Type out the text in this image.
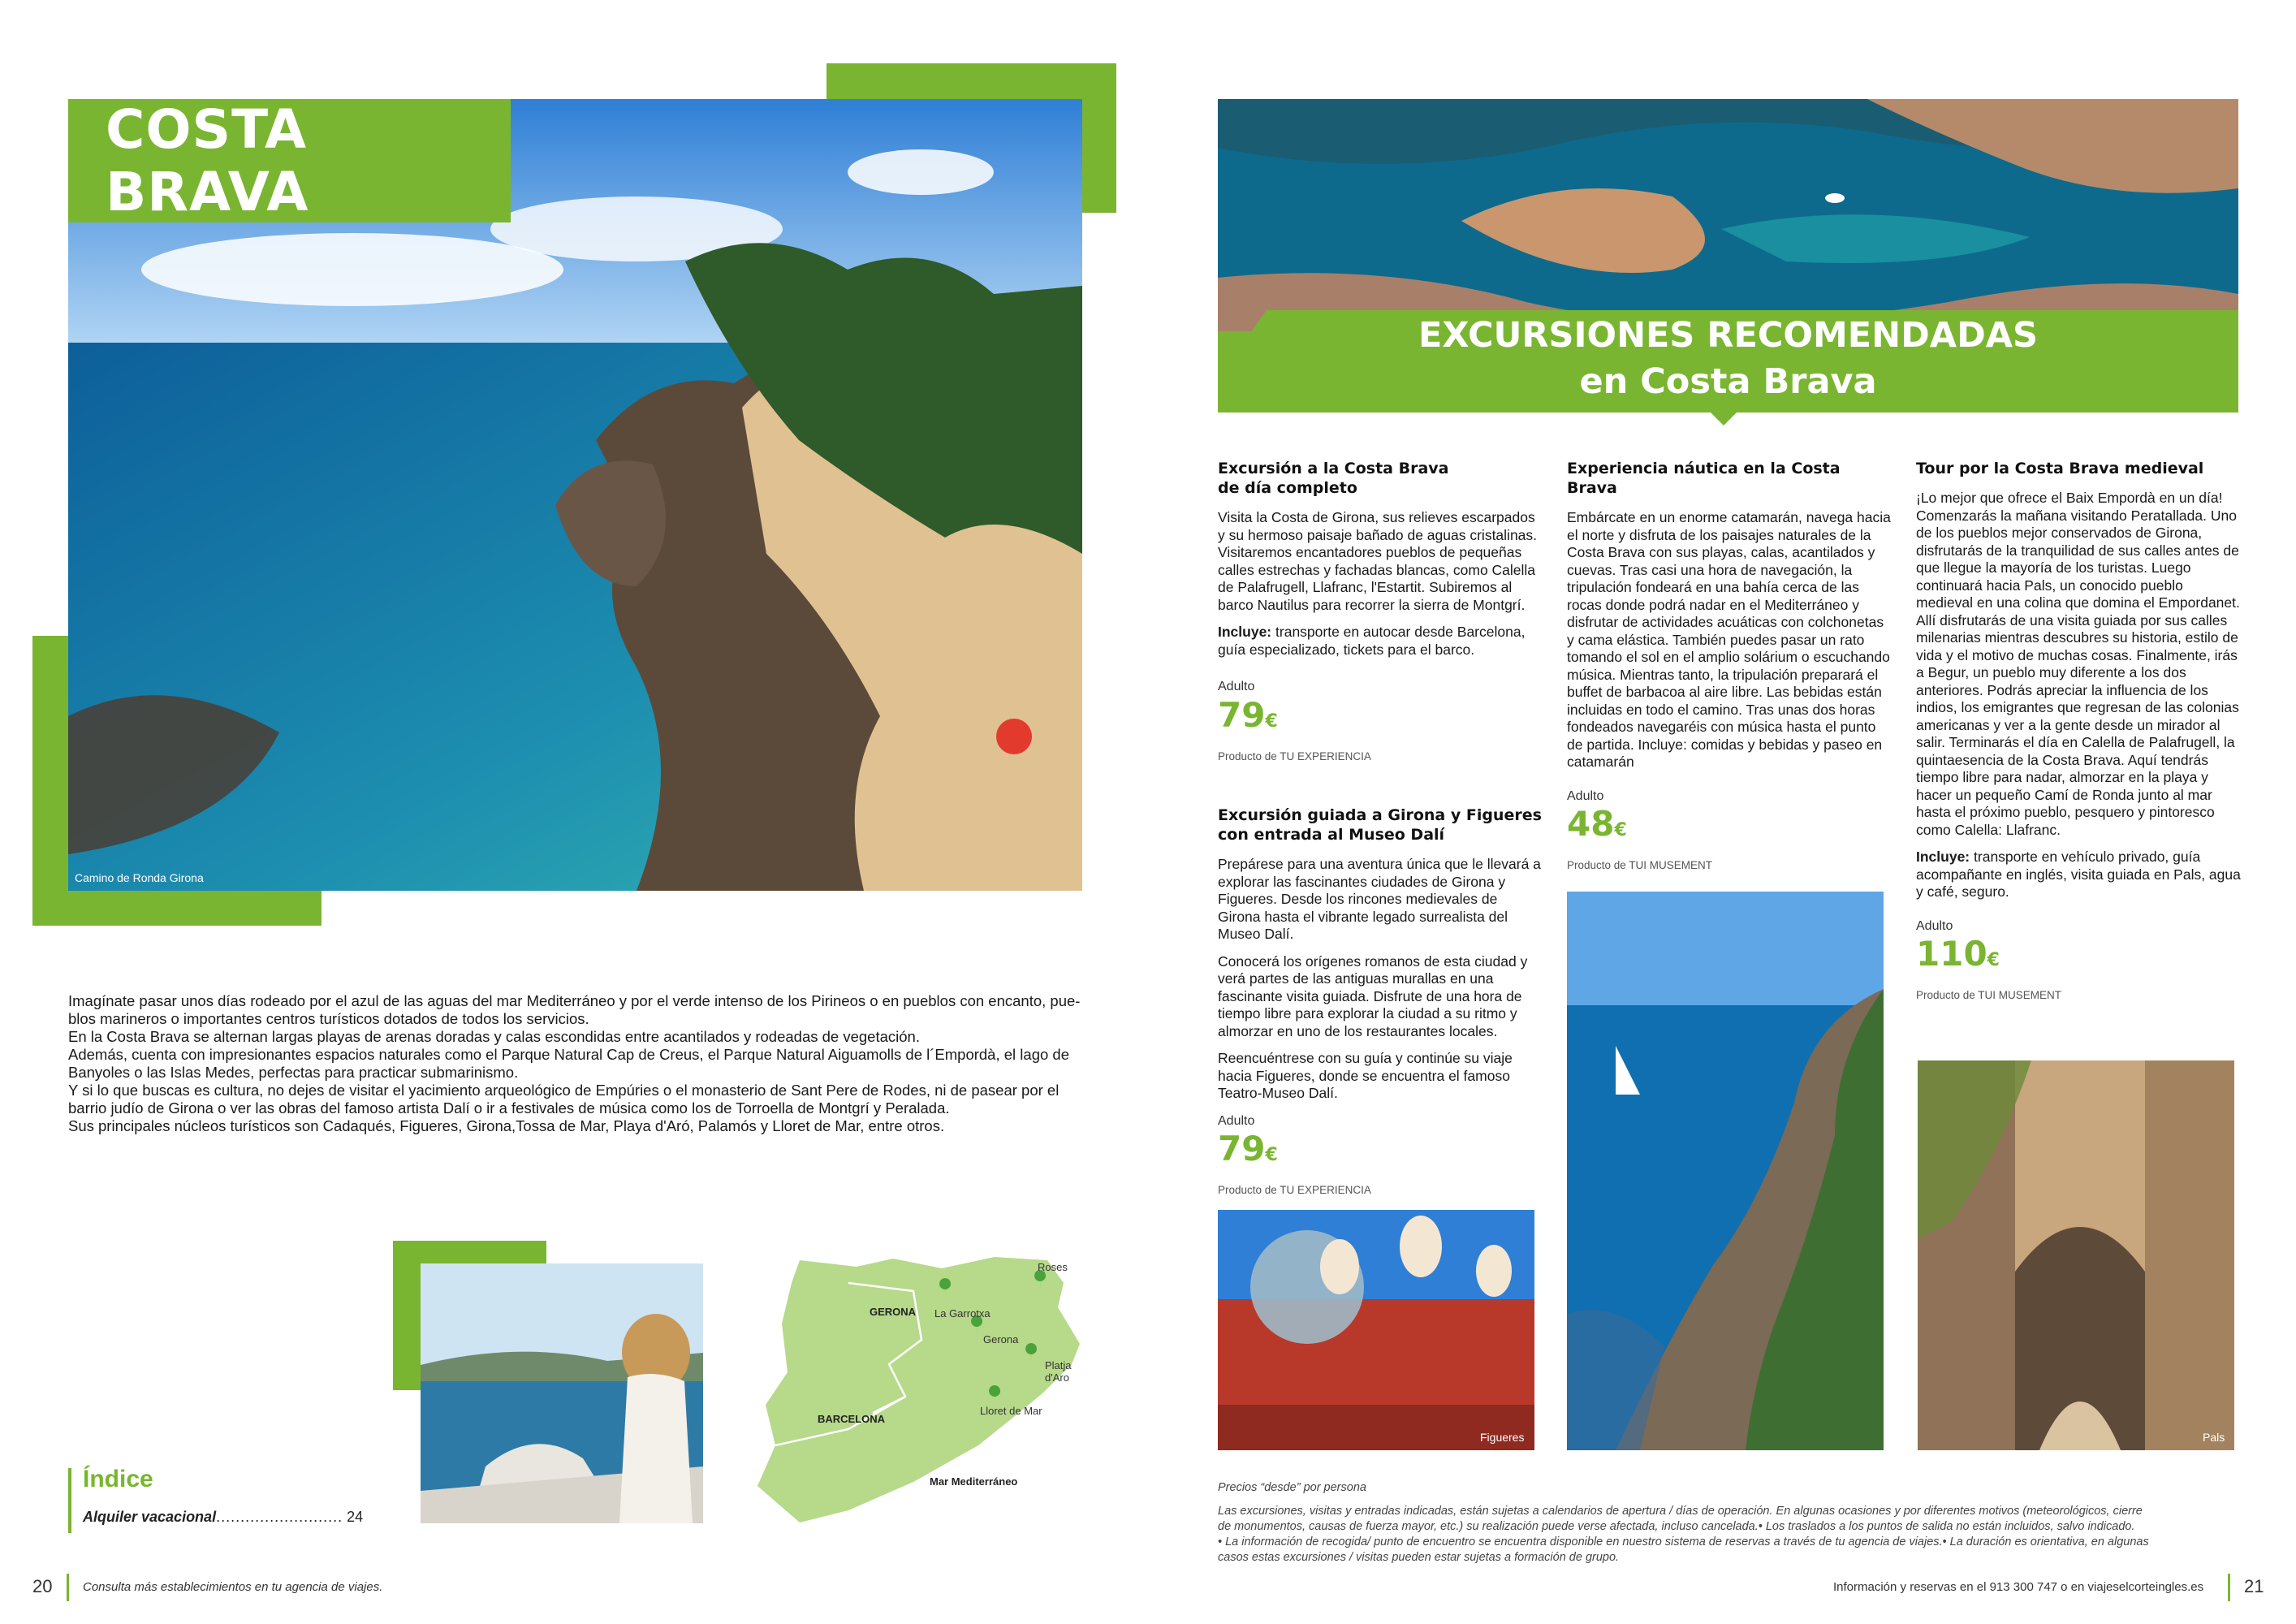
COSTA BRAVA
Camino de Ronda Girona

Imagínate pasar unos días rodeado por el azul de las aguas del mar Mediterráneo y por el verde intenso de los Pirineos o en pueblos con encanto, pue-

blos marineros o importantes centros turísticos dotados de todos los servicios.

En la Costa Brava se alternan largas playas de arenas doradas y calas escondidas entre acantilados y rodeadas de vegetación.

Además, cuenta con impresionantes espacios naturales como el Parque Natural Cap de Creus, el Parque Natural Aiguamolls de l´Empordà, el lago de

Banyoles o las Islas Medes, perfectas para practicar submarinismo.

Y si lo que buscas es cultura, no dejes de visitar el yacimiento arqueológico de Empúries o el monasterio de Sant Pere de Rodes, ni de pasear por el

barrio judío de Girona o ver las obras del famoso artista Dalí o ir a festivales de música como los de Torroella de Montgrí y Peralada.

Sus principales núcleos turísticos son Cadaqués, Figueres, Girona,Tossa de Mar, Playa d'Aró, Palamós y Lloret de Mar, entre otros.

GERONA
BARCELONA
Mar Mediterráneo
Roses
La Garrotxa
Gerona
Platja d'Aro
Lloret de Mar
Índice
Alquiler vacacional.......................... 24
20	Consulta más establecimientos en tu agencia de viajes.
EXCURSIONES RECOMENDADAS
en Costa Brava
Excursión a la Costa Brava
de día completo

Visita la Costa de Girona, sus relieves escarpados y su hermoso paisaje bañado de aguas cristalinas. Visitaremos encantadores pueblos de pequeñas calles estrechas y fachadas blancas, como Calella de Palafrugell, Llafranc, l'Estartit. Subiremos al barco Nautilus para recorrer la sierra de Montgrí.

Incluye: transporte en autocar desde Barcelona, guía especializado, tickets para el barco.

Adulto
79€
Producto de TU EXPERIENCIA
Excursión guiada a Girona y Figueres
con entrada al Museo Dalí

Prepárese para una aventura única que le llevará a explorar las fascinantes ciudades de Girona y Figueres. Desde los rincones medievales de Girona hasta el vibrante legado surrealista del Museo Dalí.

Conocerá los orígenes romanos de esta ciudad y verá partes de las antiguas murallas en una fascinante visita guiada. Disfrute de una hora de tiempo libre para explorar la ciudad a su ritmo y almorzar en uno de los restaurantes locales.

Reencuéntrese con su guía y continúe su viaje hacia Figueres, donde se encuentra el famoso Teatro-Museo Dalí.

Adulto
79€
Producto de TU EXPERIENCIA
Figueres
Experiencia náutica en la Costa Brava

Embárcate en un enorme catamarán, navega hacia el norte y disfruta de los paisajes naturales de la Costa Brava con sus playas, calas, acantilados y cuevas. Tras casi una hora de navegación, la tripulación fondeará en una bahía cerca de las rocas donde podrá nadar en el Mediterráneo y disfrutar de actividades acuáticas con colchonetas y cama elástica. También puedes pasar un rato tomando el sol en el amplio solárium o escuchando música. Mientras tanto, la tripulación preparará el buffet de barbacoa al aire libre. Las bebidas están incluidas en todo el camino. Tras unas dos horas fondeados navegaréis con música hasta el punto de partida. Incluye: comidas y bebidas y paseo en catamarán

Adulto
48€
Producto de TUI MUSEMENT
Tour por la Costa Brava medieval

¡Lo mejor que ofrece el Baix Empordà en un día! Comenzarás la mañana visitando Peratallada. Uno de los pueblos mejor conservados de Girona, disfrutarás de la tranquilidad de sus calles antes de que llegue la mayoría de los turistas. Luego continuará hacia Pals, un conocido pueblo medieval en una colina que domina el Empordanet. Allí disfrutarás de una visita guiada por sus calles milenarias mientras descubres su historia, estilo de vida y el motivo de muchas cosas. Finalmente, irás a Begur, un pueblo muy diferente a los dos anteriores. Podrás apreciar la influencia de los indios, los emigrantes que regresan de las colonias americanas y ver a la gente desde un mirador al salir. Terminarás el día en Calella de Palafrugell, la quintaesencia de la Costa Brava. Aquí tendrás tiempo libre para nadar, almorzar en la playa y hacer un pequeño Camí de Ronda junto al mar hasta el próximo pueblo, pesquero y pintoresco como Calella: Llafranc.

Incluye: transporte en vehículo privado, guía acompañante en inglés, visita guiada en Pals, agua y café, seguro.

Adulto
110€
Producto de TUI MUSEMENT
Pals
Precios “desde” por persona
Las excursiones, visitas y entradas indicadas, están sujetas a calendarios de apertura / días de operación. En algunas ocasiones y por diferentes motivos (meteorológicos, cierre
de monumentos, causas de fuerza mayor, etc.) su realización puede verse afectada, incluso cancelada.• Los traslados a los puntos de salida no están incluidos, salvo indicado.
• La información de recogida/ punto de encuentro se encuentra disponible en nuestro sistema de reservas a través de tu agencia de viajes.• La duración es orientativa, en algunas
casos estas excursiones / visitas pueden estar sujetas a formación de grupo.
Información y reservas en el 913 300 747 o en viajeselcorteingles.es 21
